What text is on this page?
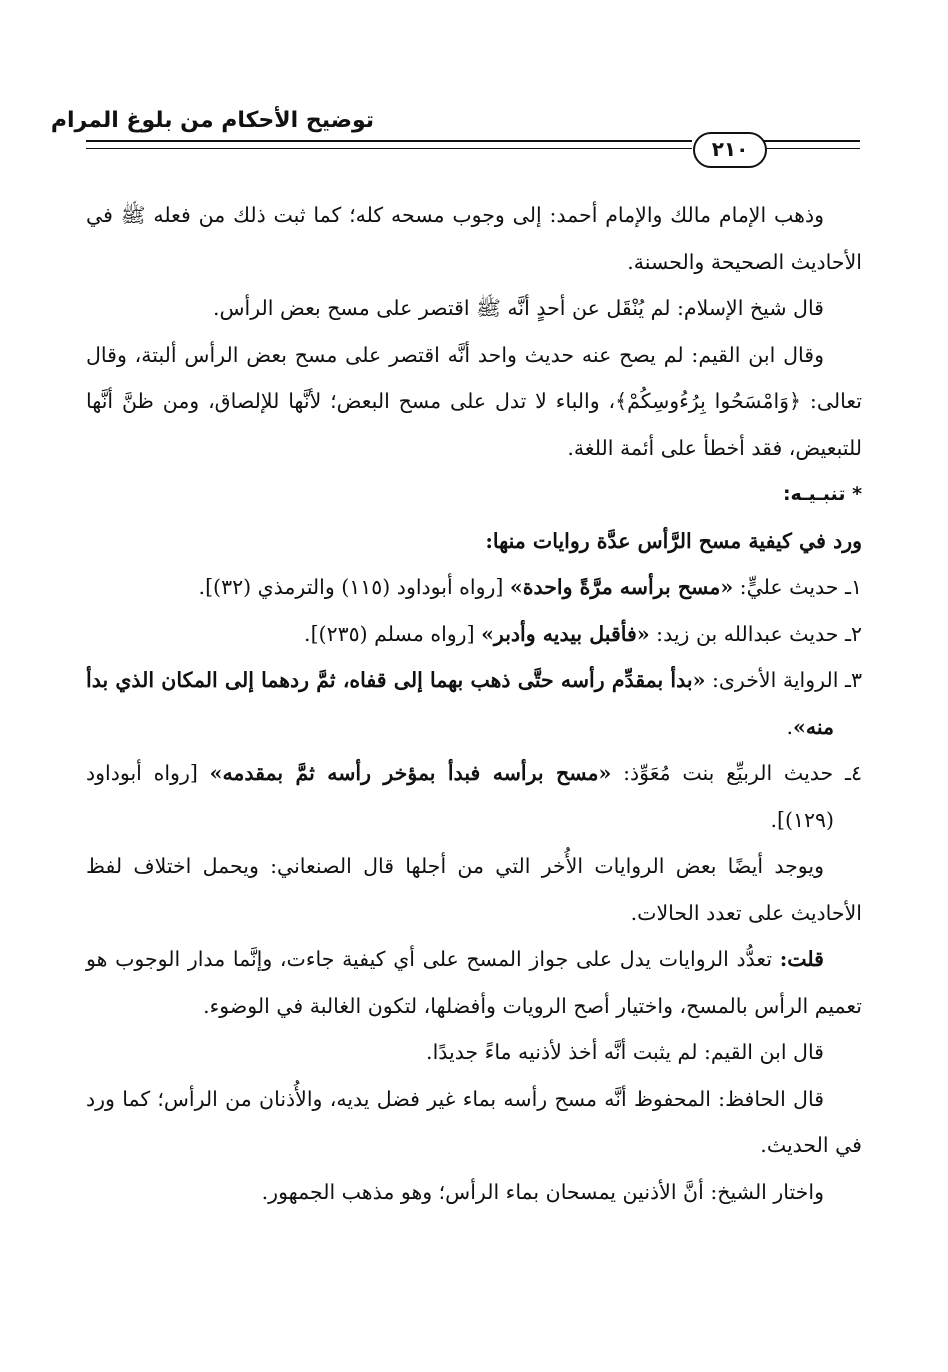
توضيح الأحكام من بلوغ المرام
٢١٠

وذهب الإمام مالك والإمام أحمد: إلى وجوب مسحه كله؛ كما ثبت ذلك من فعله ﷺ في الأحاديث الصحيحة والحسنة.

قال شيخ الإسلام: لم يُنْقَل عن أحدٍ أنَّه ﷺ اقتصر على مسح بعض الرأس.

وقال ابن القيم: لم يصح عنه حديث واحد أنَّه اقتصر على مسح بعض الرأس ألبتة، وقال تعالى: ﴿وَامْسَحُوا بِرُءُوسِكُمْ﴾، والباء لا تدل على مسح البعض؛ لأنَّها للإلصاق، ومن ظنَّ أنَّها للتبعيض، فقد أخطأ على أئمة اللغة.

* تنبـيـه:

ورد في كيفية مسح الرَّأس عدَّة روايات منها:

١ـ حديث عليٍّ: «مسح برأسه مرَّةً واحدة» [رواه أبوداود (١١٥) والترمذي (٣٢)].

٢ـ حديث عبدالله بن زيد: «فأقبل بيديه وأدبر» [رواه مسلم (٢٣٥)].

٣ـ الرواية الأخرى: «بدأ بمقدِّم رأسه حتَّى ذهب بهما إلى قفاه، ثمَّ ردهما إلى المكان الذي بدأ منه».

٤ـ حديث الربيِّع بنت مُعَوِّذ: «مسح برأسه فبدأ بمؤخر رأسه ثمَّ بمقدمه» [رواه أبوداود (١٢٩)].

ويوجد أيضًا بعض الروايات الأُخر التي من أجلها قال الصنعاني: ويحمل اختلاف لفظ الأحاديث على تعدد الحالات.

قلت: تعدُّد الروايات يدل على جواز المسح على أي كيفية جاءت، وإنَّما مدار الوجوب هو تعميم الرأس بالمسح، واختيار أصح الرويات وأفضلها، لتكون الغالبة في الوضوء.

قال ابن القيم: لم يثبت أنَّه أخذ لأذنيه ماءً جديدًا.

قال الحافظ: المحفوظ أنَّه مسح رأسه بماء غير فضل يديه، والأُذنان من الرأس؛ كما ورد في الحديث.

واختار الشيخ: أنَّ الأذنين يمسحان بماء الرأس؛ وهو مذهب الجمهور.
